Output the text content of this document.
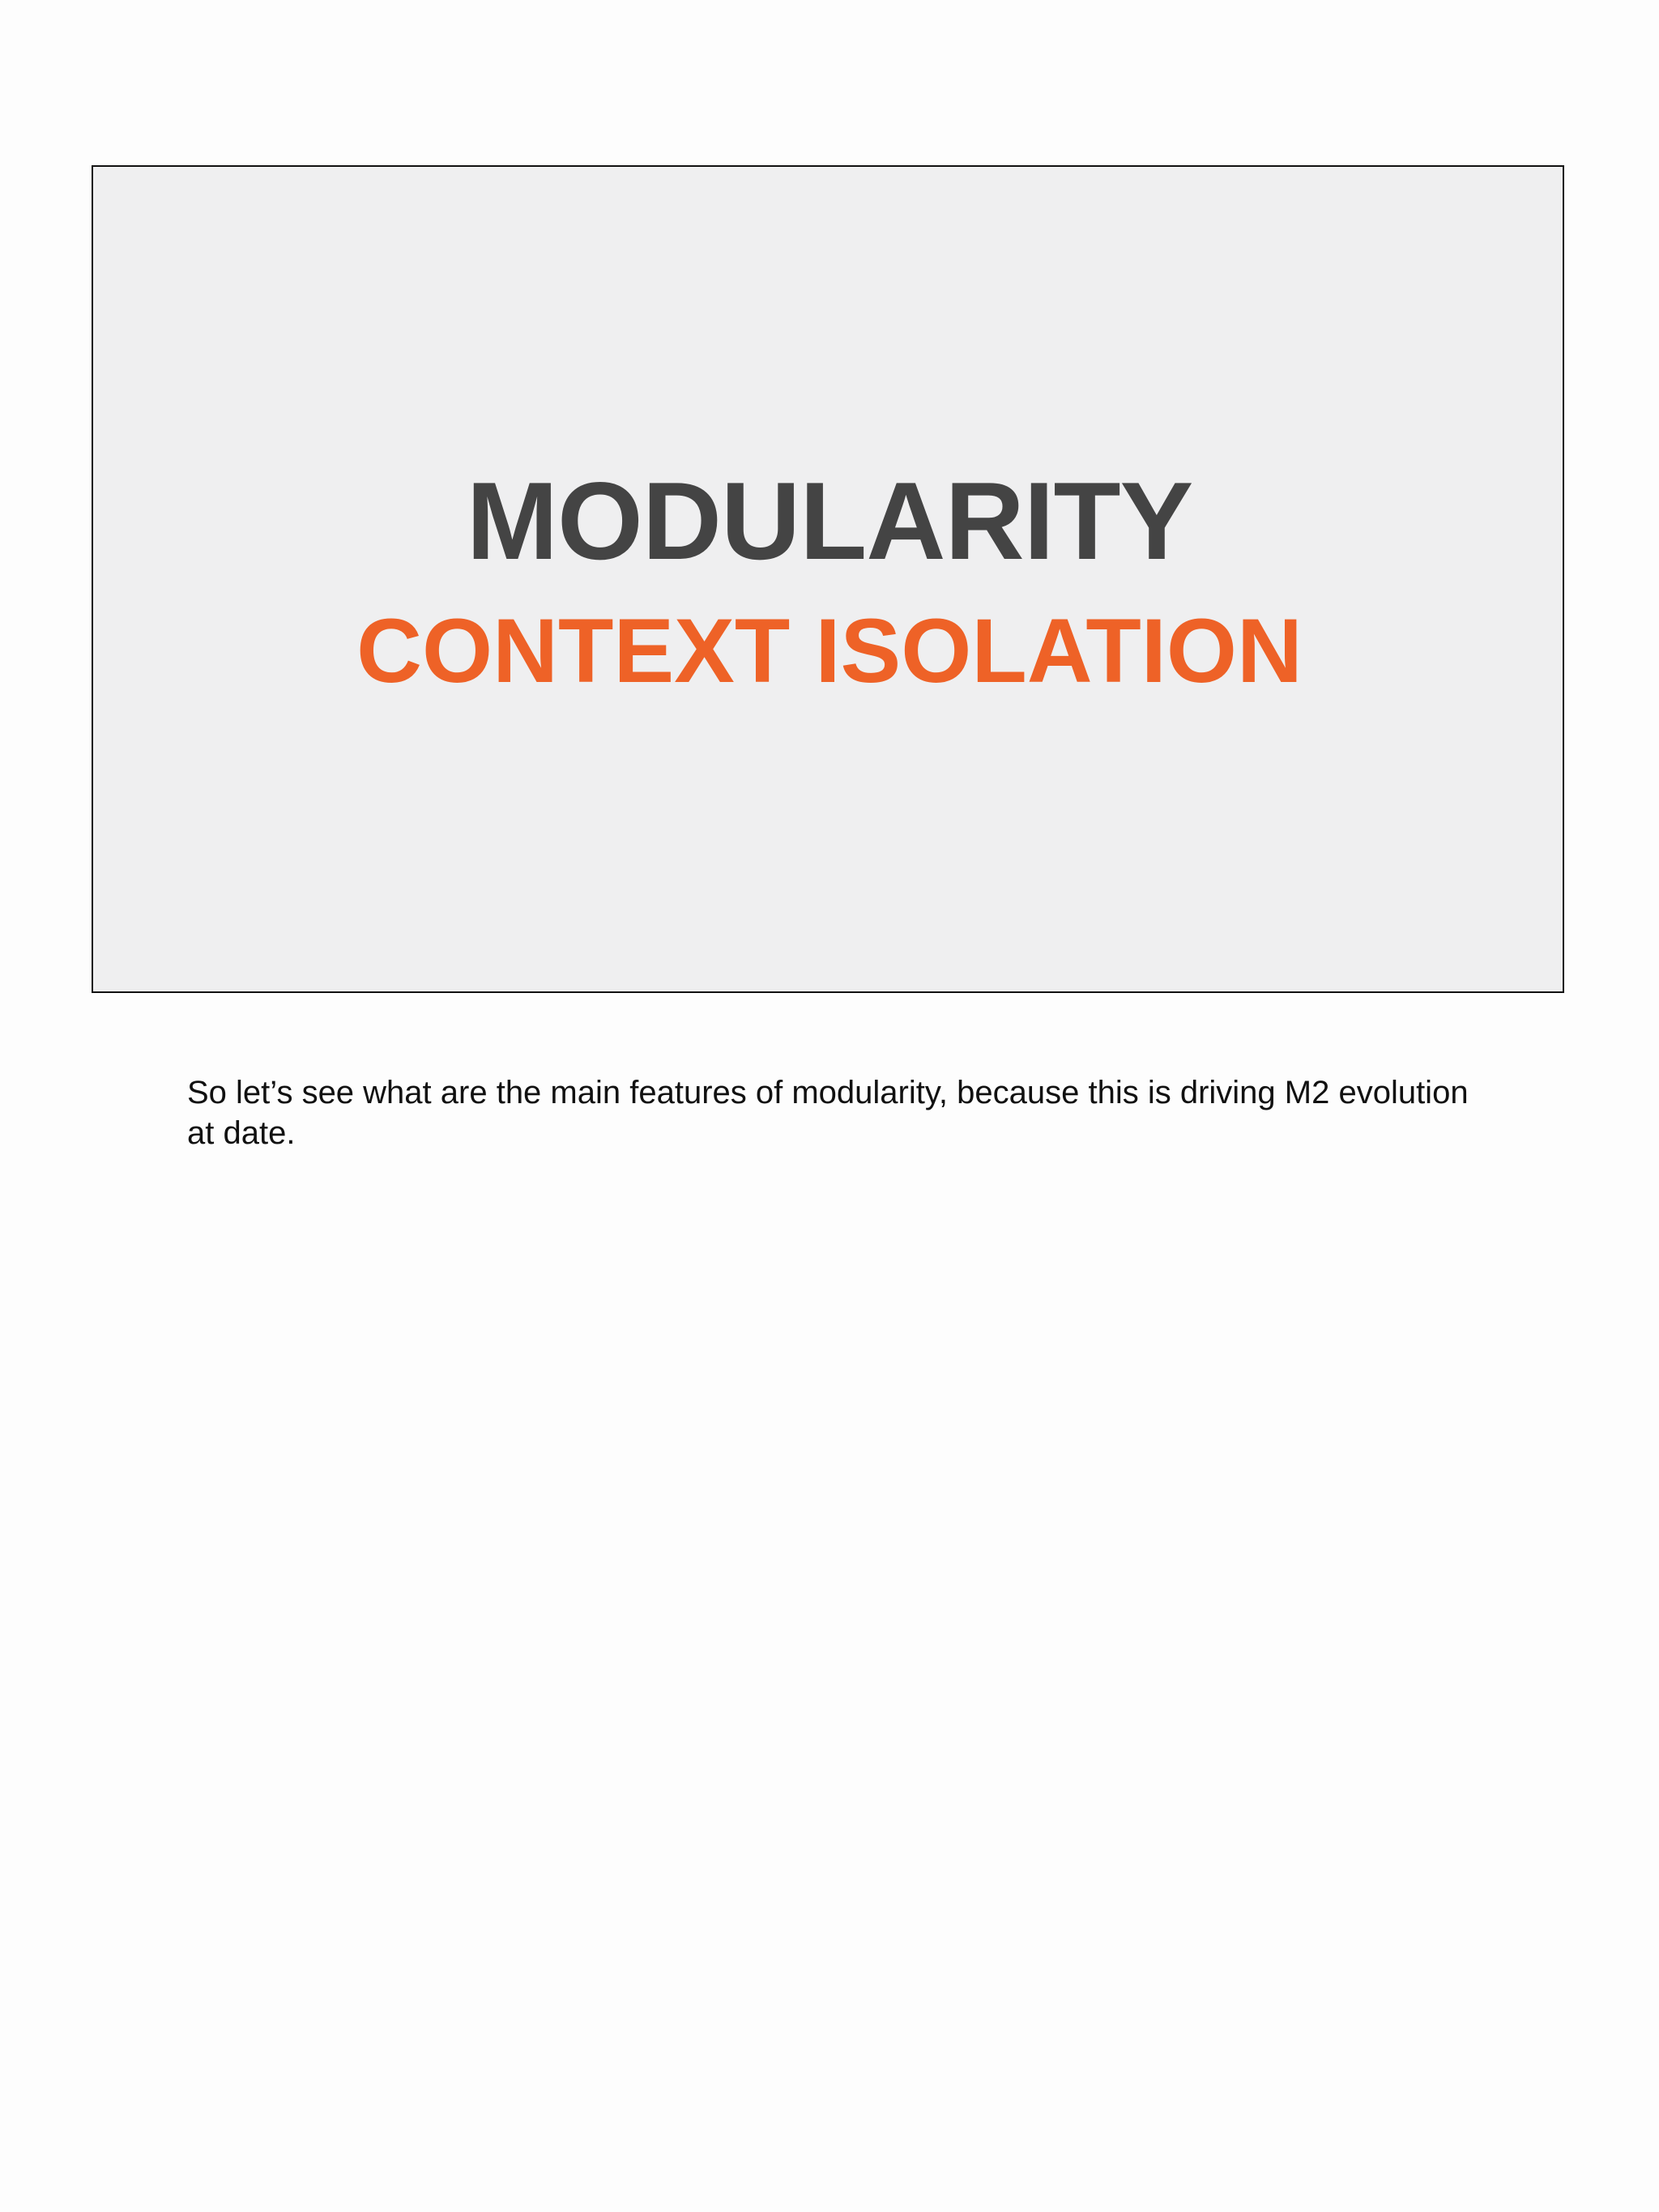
MODULARITY
CONTEXT ISOLATION
So let’s see what are the main features of modularity, because this is driving M2 evolution at date.
